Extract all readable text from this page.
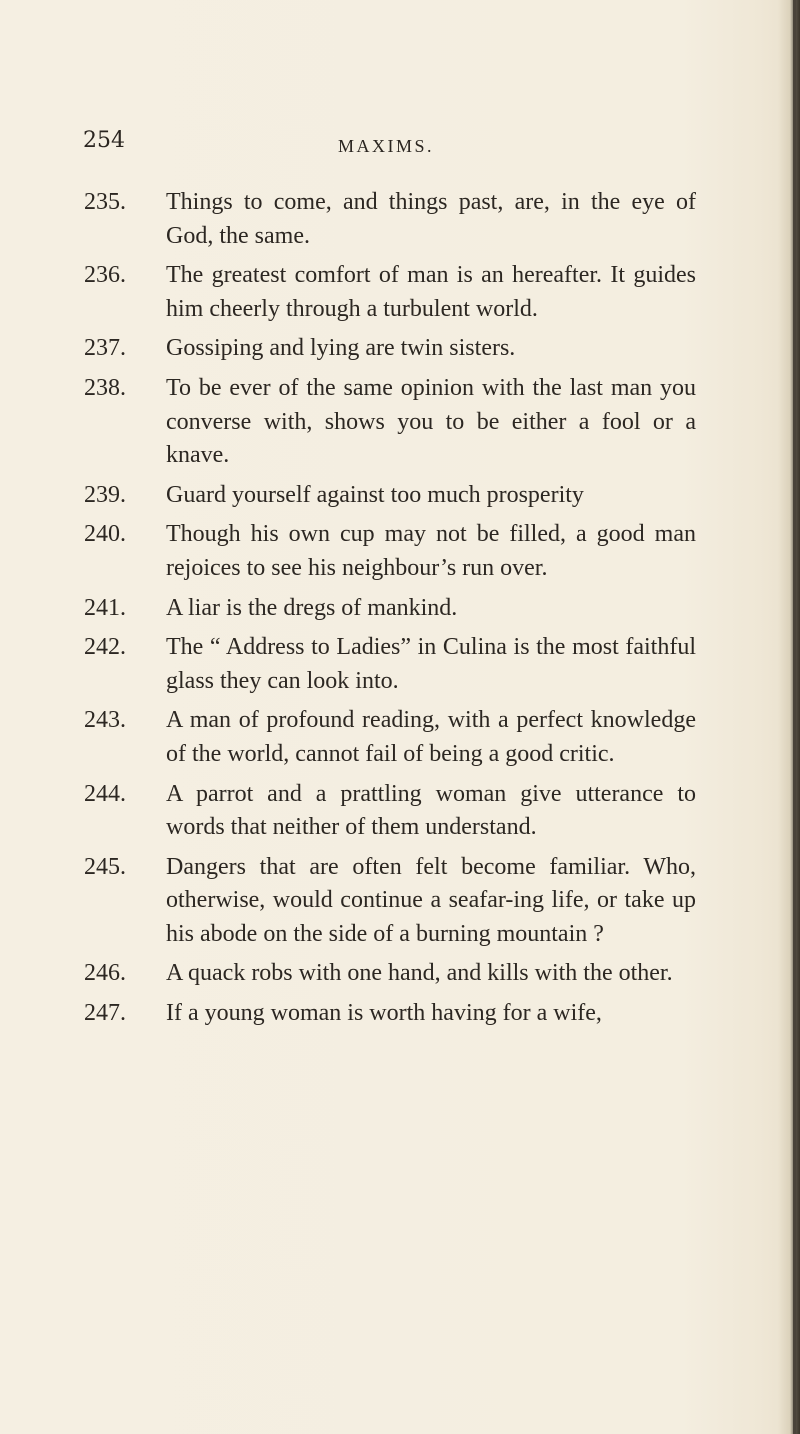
254	MAXIMS.
235.	Things to come, and things past, are, in the eye of God, the same.
236.	The greatest comfort of man is an hereafter. It guides him cheerly through a turbulent world.
237.	Gossiping and lying are twin sisters.
238.	To be ever of the same opinion with the last man you converse with, shows you to be either a fool or a knave.
239.	Guard yourself against too much prosperity
240.	Though his own cup may not be filled, a good man rejoices to see his neighbour’s run over.
241.	A liar is the dregs of mankind.
242.	The “ Address to Ladies” in Culina is the most faithful glass they can look into.
243.	A man of profound reading, with a perfect knowledge of the world, cannot fail of being a good critic.
244.	A parrot and a prattling woman give utterance to words that neither of them understand.
245.	Dangers that are often felt become familiar. Who, otherwise, would continue a seafar-ing life, or take up his abode on the side of a burning mountain ?
246.	A quack robs with one hand, and kills with the other.
247.	If a young woman is worth having for a wife,
